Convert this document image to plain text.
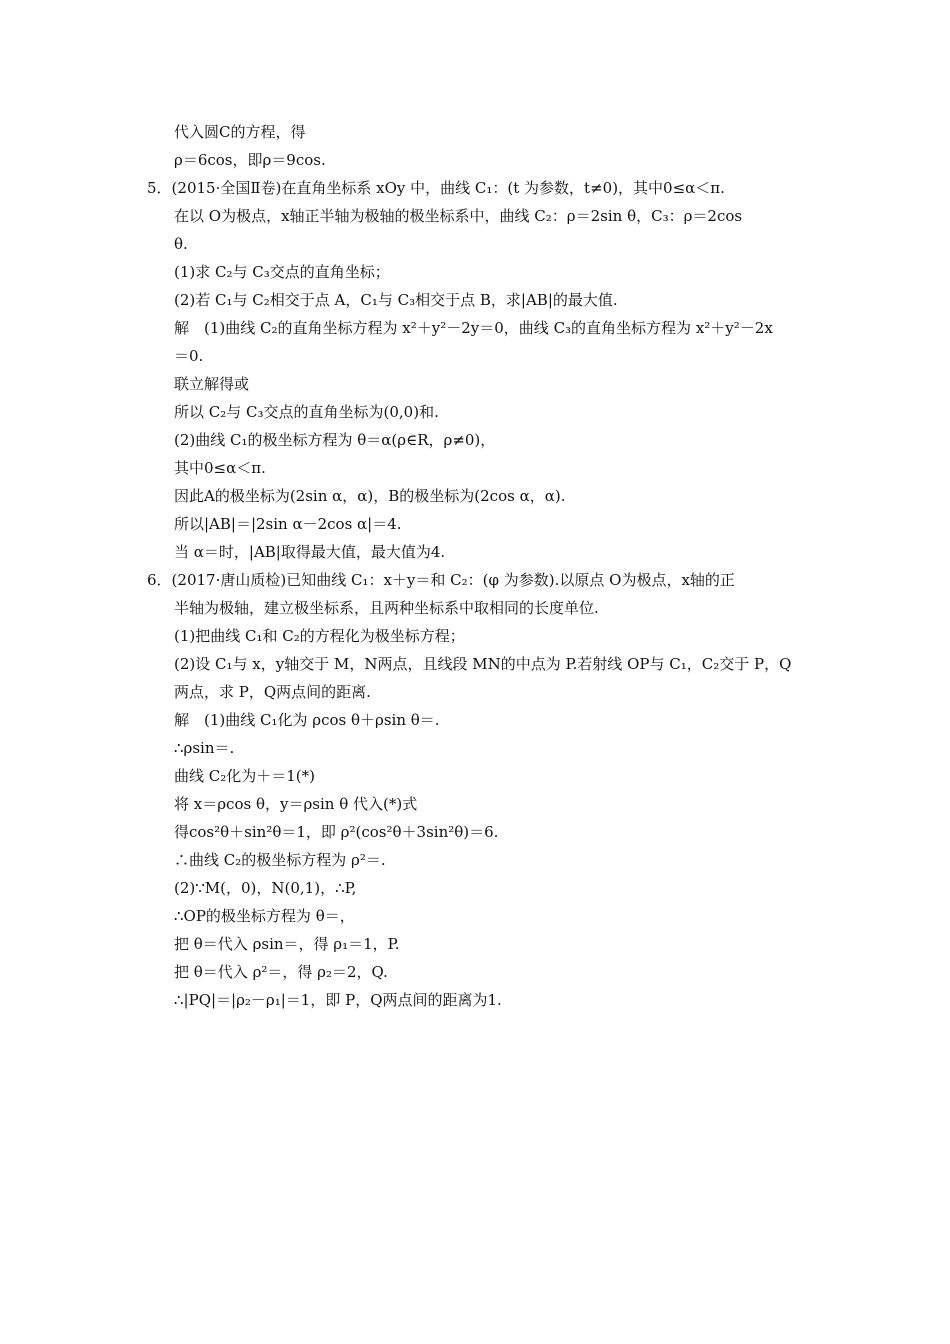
代入圆C的方程，得
ρ＝6cos，即ρ＝9cos.
5．(2015·全国Ⅱ卷)在直角坐标系 xOy 中，曲线 C₁：(t 为参数，t≠0)，其中0≤α＜π.
在以 O为极点，x轴正半轴为极轴的极坐标系中，曲线 C₂：ρ＝2sin θ，C₃：ρ＝2cos
θ.
(1)求 C₂与 C₃交点的直角坐标；
(2)若 C₁与 C₂相交于点 A，C₁与 C₃相交于点 B，求|AB|的最大值.
解　(1)曲线 C₂的直角坐标方程为 x²＋y²－2y＝0，曲线 C₃的直角坐标方程为 x²＋y²－2x
＝0.
联立解得或
所以 C₂与 C₃交点的直角坐标为(0,0)和.
(2)曲线 C₁的极坐标方程为 θ＝α(ρ∈R，ρ≠0)，
其中0≤α＜π.
因此A的极坐标为(2sin α，α)，B的极坐标为(2cos α，α).
所以|AB|＝|2sin α－2cos α|＝4.
当 α＝时，|AB|取得最大值，最大值为4.
6．(2017·唐山质检)已知曲线 C₁：x＋y＝和 C₂：(φ 为参数).以原点 O为极点，x轴的正
半轴为极轴，建立极坐标系，且两种坐标系中取相同的长度单位.
(1)把曲线 C₁和 C₂的方程化为极坐标方程；
(2)设 C₁与 x，y轴交于 M，N两点，且线段 MN的中点为 P.若射线 OP与 C₁，C₂交于 P，Q
两点，求 P，Q两点间的距离.
解　(1)曲线 C₁化为 ρcos θ＋ρsin θ＝.
∴ρsin＝.
曲线 C₂化为＋＝1(*)
将 x＝ρcos θ，y＝ρsin θ 代入(*)式
得cos²θ＋sin²θ＝1，即 ρ²(cos²θ＋3sin²θ)＝6.
∴曲线 C₂的极坐标方程为 ρ²＝.
(2)∵M(，0)，N(0,1)，∴P,
∴OP的极坐标方程为 θ＝，
把 θ＝代入 ρsin＝，得 ρ₁＝1，P.
把 θ＝代入 ρ²＝，得 ρ₂＝2，Q.
∴|PQ|＝|ρ₂－ρ₁|＝1，即 P，Q两点间的距离为1.
